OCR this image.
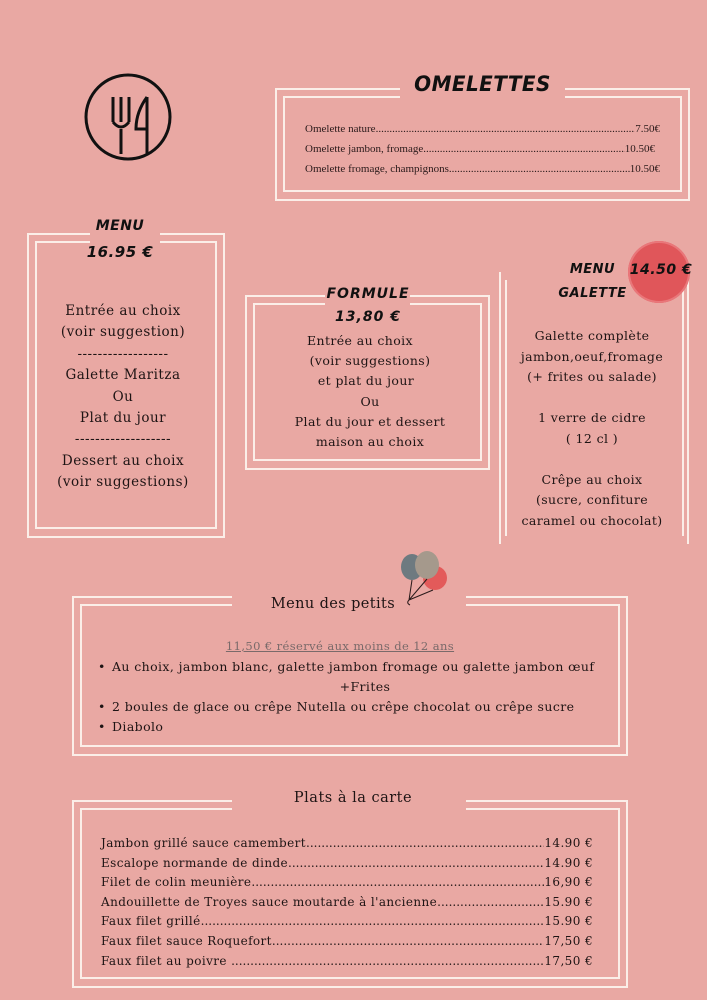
OMELETTES
Omelette nature .....	7.50€
Omelette jambon, fromage .....	10.50€
Omelette fromage, champignons .....	10.50€
MENU
16.95 €
Entrée au choix
(voir suggestion)
------------------
Galette Maritza
Ou
Plat du jour
-------------------
Dessert au choix
(voir suggestions)
FORMULE
13,80 €
Entrée au choix
(voir suggestions)
et plat du jour
Ou
Plat du jour et dessert
maison au choix
MENU
GALETTE
14.50 €
Galette complète
jambon,oeuf,fromage
(+ frites ou salade)
1 verre de cidre
( 12 cl )
Crêpe au choix
(sucre, confiture
caramel ou chocolat)
Menu des petits
11,50 € réservé aux moins de 12 ans
• Au choix, jambon blanc, galette jambon fromage ou galette jambon œuf
+Frites
• 2 boules de glace ou crêpe Nutella ou crêpe chocolat ou crêpe sucre
• Diabolo
Plats à la carte
Jambon grillé sauce camembert .....	14.90 €
Escalope normande de dinde .....	14.90 €
Filet de colin meunière .....	16,90 €
Andouillette de Troyes sauce moutarde à l'ancienne .....	15.90 €
Faux filet grillé .....	15.90 €
Faux filet sauce Roquefort .....	17,50 €
Faux filet au poivre .....	17,50 €
